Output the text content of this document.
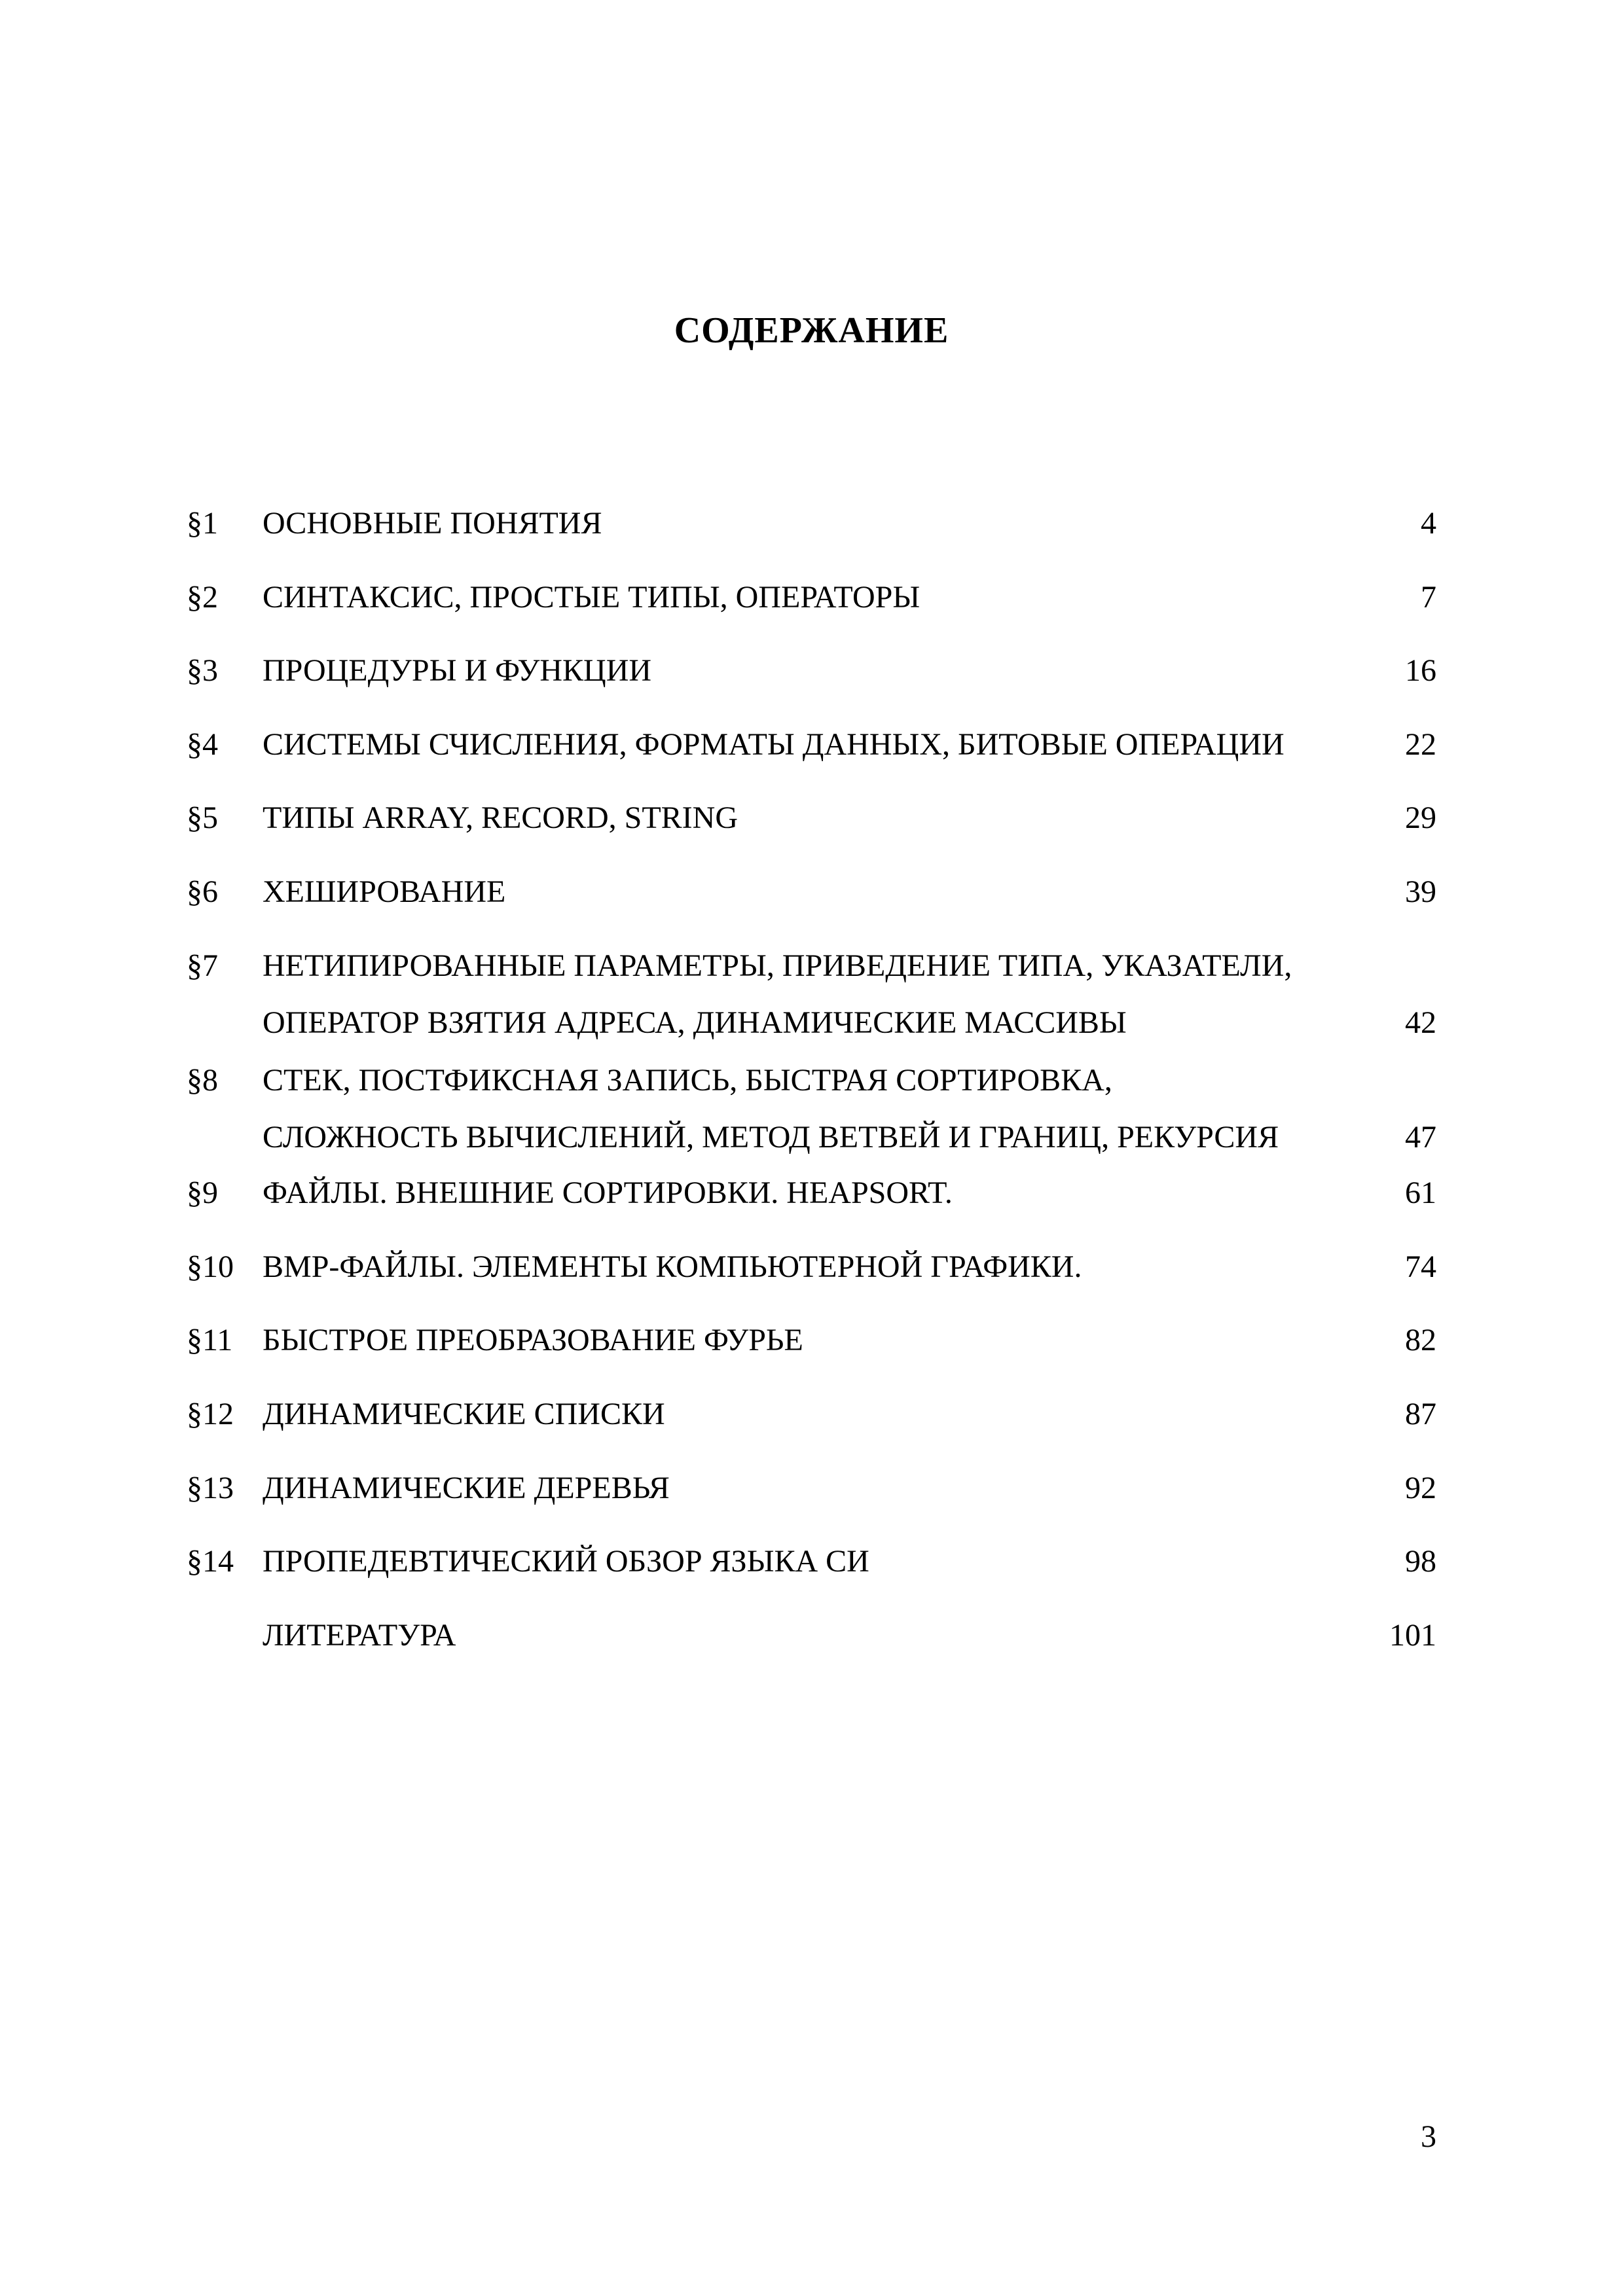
СОДЕРЖАНИЕ
§1 ОСНОВНЫЕ ПОНЯТИЯ	4
§2 СИНТАКСИС, ПРОСТЫЕ ТИПЫ, ОПЕРАТОРЫ	7
§3 ПРОЦЕДУРЫ И ФУНКЦИИ	16
§4 СИСТЕМЫ СЧИСЛЕНИЯ, ФОРМАТЫ ДАННЫХ, БИТОВЫЕ ОПЕРАЦИИ	22
§5 ТИПЫ ARRAY, RECORD, STRING	29
§6 ХЕШИРОВАНИЕ	39
§7 НЕТИПИРОВАННЫЕ ПАРАМЕТРЫ, ПРИВЕДЕНИЕ ТИПА, УКАЗАТЕЛИ,
ОПЕРАТОР ВЗЯТИЯ АДРЕСА, ДИНАМИЧЕСКИЕ МАССИВЫ	42
§8 СТЕК, ПОСТФИКСНАЯ ЗАПИСЬ, БЫСТРАЯ СОРТИРОВКА,
СЛОЖНОСТЬ ВЫЧИСЛЕНИЙ, МЕТОД ВЕТВЕЙ И ГРАНИЦ, РЕКУРСИЯ	47
§9 ФАЙЛЫ. ВНЕШНИЕ СОРТИРОВКИ. HEAPSORT.	61
§10 BMP-ФАЙЛЫ. ЭЛЕМЕНТЫ КОМПЬЮТЕРНОЙ ГРАФИКИ.	74
§11 БЫСТРОЕ ПРЕОБРАЗОВАНИЕ ФУРЬЕ	82
§12 ДИНАМИЧЕСКИЕ СПИСКИ	87
§13 ДИНАМИЧЕСКИЕ ДЕРЕВЬЯ	92
§14 ПРОПЕДЕВТИЧЕСКИЙ ОБЗОР ЯЗЫКА СИ	98
ЛИТЕРАТУРА	101
3
